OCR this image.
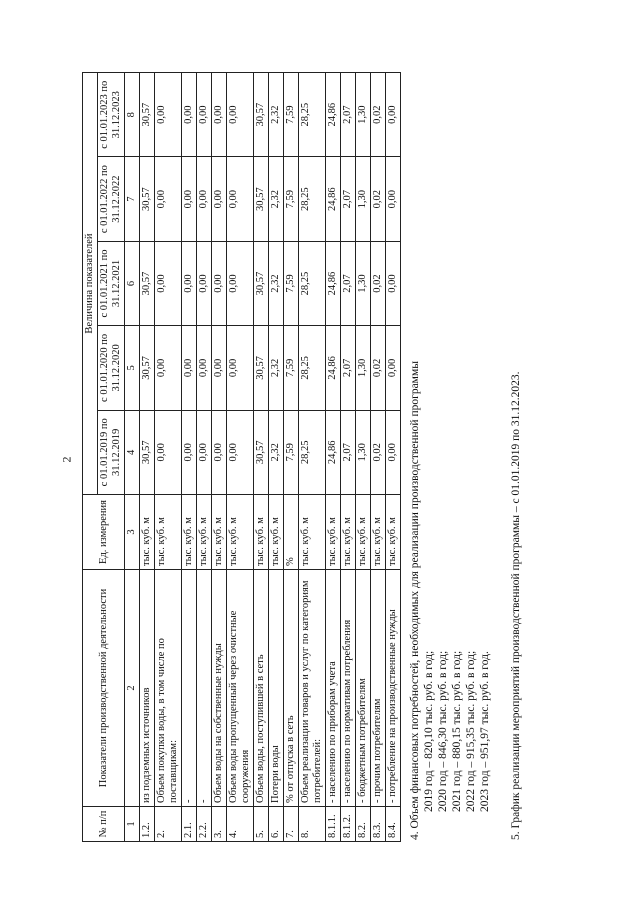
2
№ п/п	Показатели производственной деятельности	Ед. измерения	Величина показателей				
			с 01.01.2019 по 31.12.2019	с 01.01.2020 по 31.12.2020	с 01.01.2021 по 31.12.2021	с 01.01.2022 по 31.12.2022	с 01.01.2023 по 31.12.2023
1	2	3	4	5	6	7	8
1.2.	из подземных источников	тыс. куб. м	30,57	30,57	30,57	30,57	30,57
2.	Объем покупки воды, в том числе по поставщикам:	тыс. куб. м	0,00	0,00	0,00	0,00	0,00
2.1.	-	тыс. куб. м	0,00	0,00	0,00	0,00	0,00
2.2.	-	тыс. куб. м	0,00	0,00	0,00	0,00	0,00
3.	Объем воды на собственные нужды	тыс. куб. м	0,00	0,00	0,00	0,00	0,00
4.	Объем воды пропущенный через очистные сооружения	тыс. куб. м	0,00	0,00	0,00	0,00	0,00
5.	Объем воды, поступившей в сеть	тыс. куб. м	30,57	30,57	30,57	30,57	30,57
6.	Потери воды	тыс. куб. м	2,32	2,32	2,32	2,32	2,32
7.	% от отпуска в сеть	%	7,59	7,59	7,59	7,59	7,59
8.	Объем реализации товаров и услуг по категориям потребителей:	тыс. куб. м	28,25	28,25	28,25	28,25	28,25
8.1.1.	- населению по приборам учета	тыс. куб. м	24,86	24,86	24,86	24,86	24,86
8.1.2.	- населению по нормативам потребления	тыс. куб. м	2,07	2,07	2,07	2,07	2,07
8.2.	- бюджетным потребителям	тыс. куб. м	1,30	1,30	1,30	1,30	1,30
8.3.	- прочим потребителям	тыс. куб. м	0,02	0,02	0,02	0,02	0,02
8.4.	- потребление на производственные нужды	тыс. куб. м	0,00	0,00	0,00	0,00	0,00
4. Объем финансовых потребностей, необходимых для реализации производственной программы 2019 год – 820,10 тыс. руб. в год; 2020 год – 846,30 тыс. руб. в год; 2021 год – 880,15 тыс. руб. в год; 2022 год – 915,35 тыс. руб. в год; 2023 год – 951,97 тыс. руб. в год. 5. График реализации мероприятий производственной программы – с 01.01.2019 по 31.12.2023.
